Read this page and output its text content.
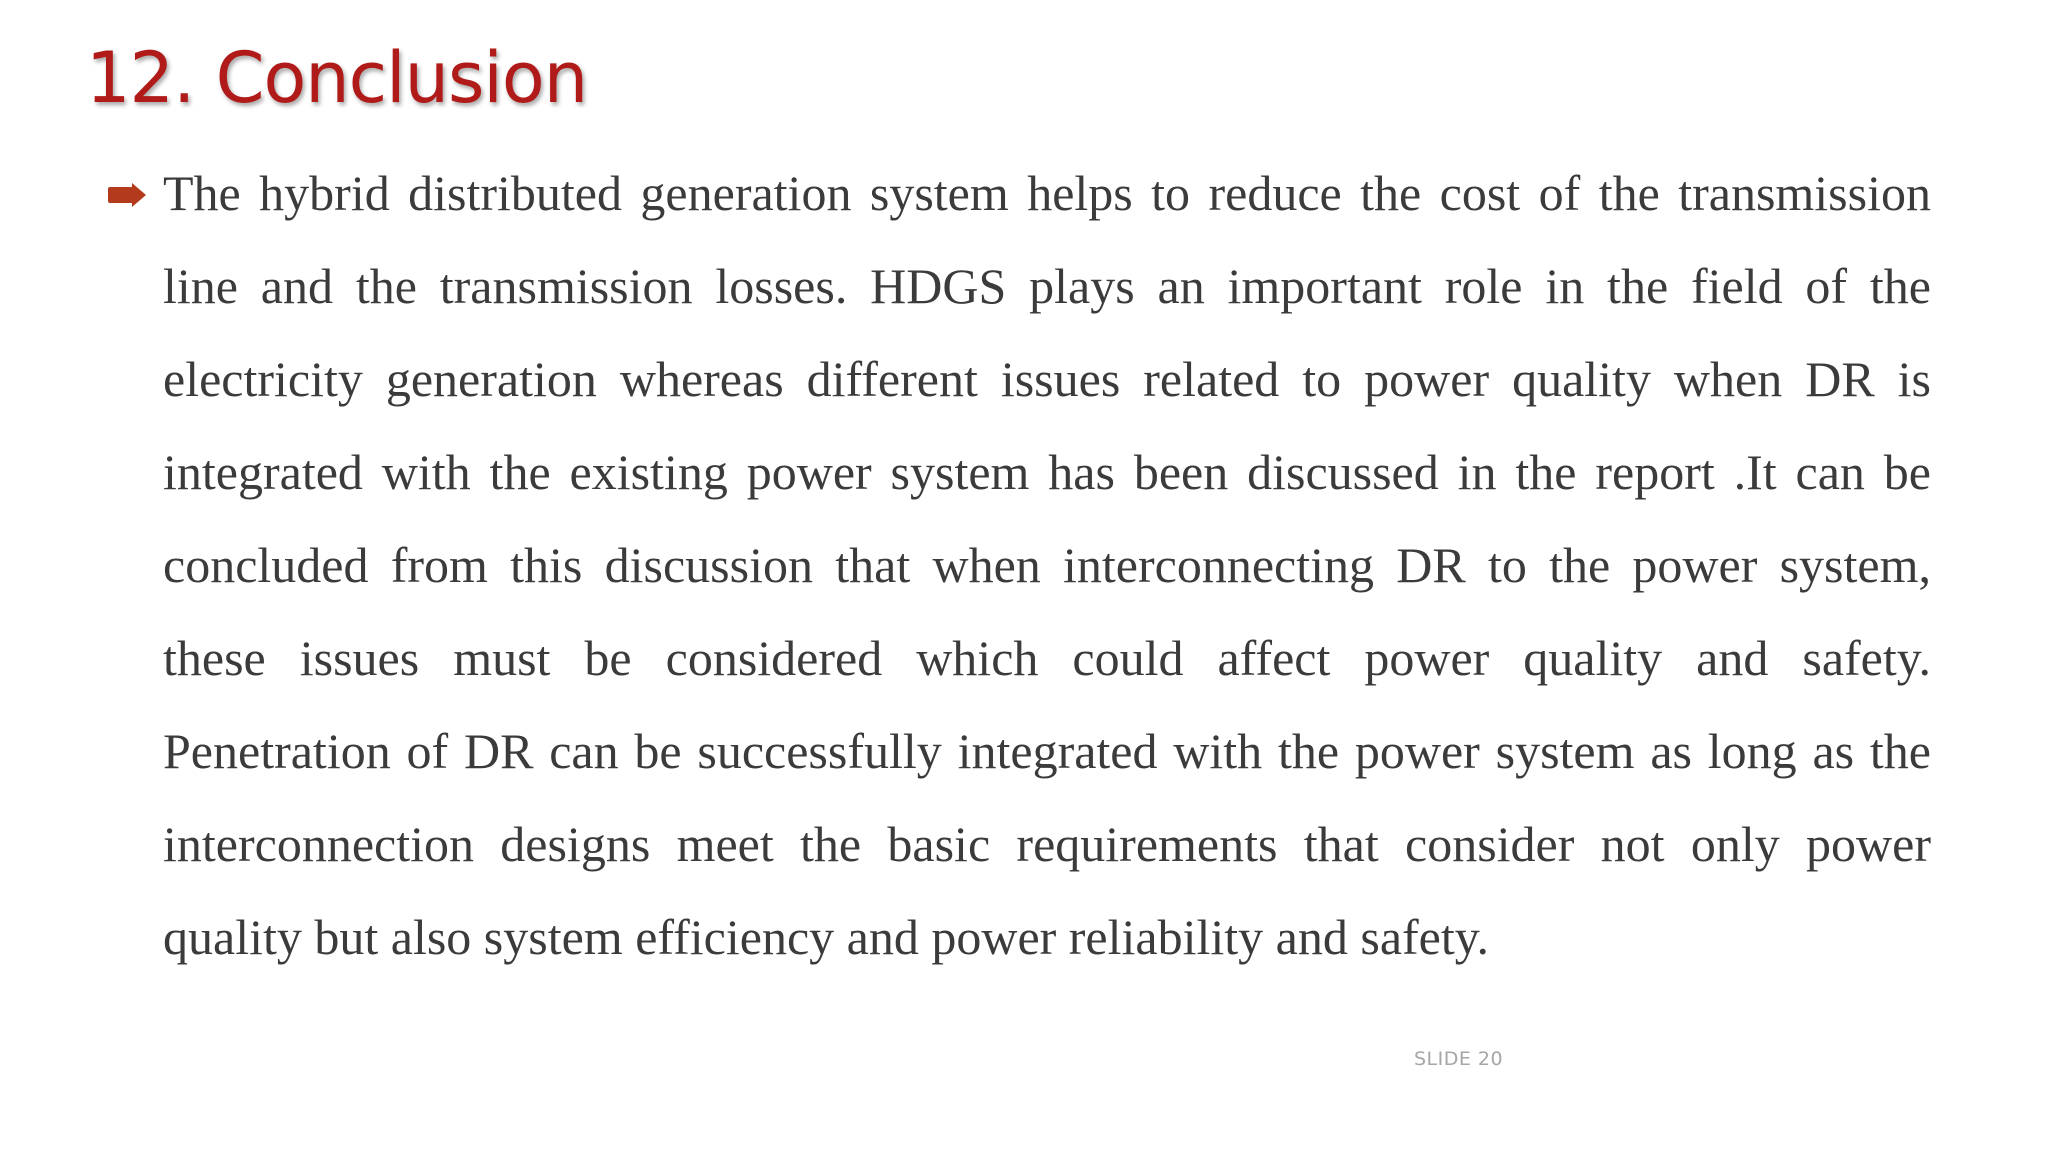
12. Conclusion

The hybrid distributed generation system helps to reduce the cost of the transmission line and the transmission losses. HDGS plays an important role in the field of the electricity generation whereas different issues related to power quality when DR is integrated with the existing power system has been discussed in the report .It can be concluded from this discussion that when interconnecting DR to the power system, these issues must be considered which could affect power quality and safety. Penetration of DR can be successfully integrated with the power system as long as the interconnection designs meet the basic requirements that consider not only power quality but also system efficiency and power reliability and safety.

SLIDE 20
